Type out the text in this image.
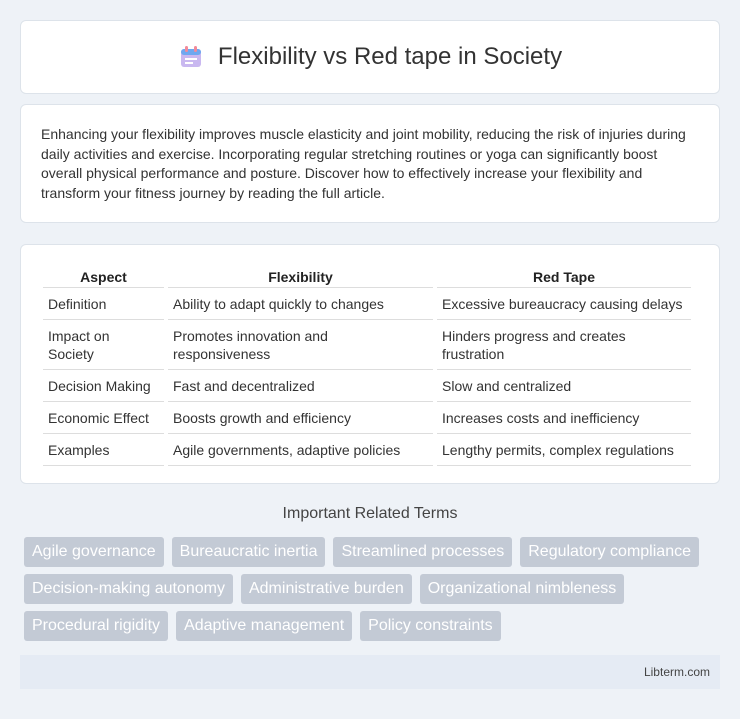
Flexibility vs Red tape in Society

Enhancing your flexibility improves muscle elasticity and joint mobility, reducing the risk of injuries during daily activities and exercise. Incorporating regular stretching routines or yoga can significantly boost overall physical performance and posture. Discover how to effectively increase your flexibility and transform your fitness journey by reading the full article.

Aspect	Flexibility	Red Tape
Definition	Ability to adapt quickly to changes	Excessive bureaucracy causing delays
Impact on Society	Promotes innovation and responsiveness	Hinders progress and creates frustration
Decision Making	Fast and decentralized	Slow and centralized
Economic Effect	Boosts growth and efficiency	Increases costs and inefficiency
Examples	Agile governments, adaptive policies	Lengthy permits, complex regulations
Important Related Terms
Agile governance	Bureaucratic inertia	Streamlined processes	Regulatory compliance
Decision-making autonomy	Administrative burden	Organizational nimbleness
Procedural rigidity	Adaptive management	Policy constraints
Libterm.com
